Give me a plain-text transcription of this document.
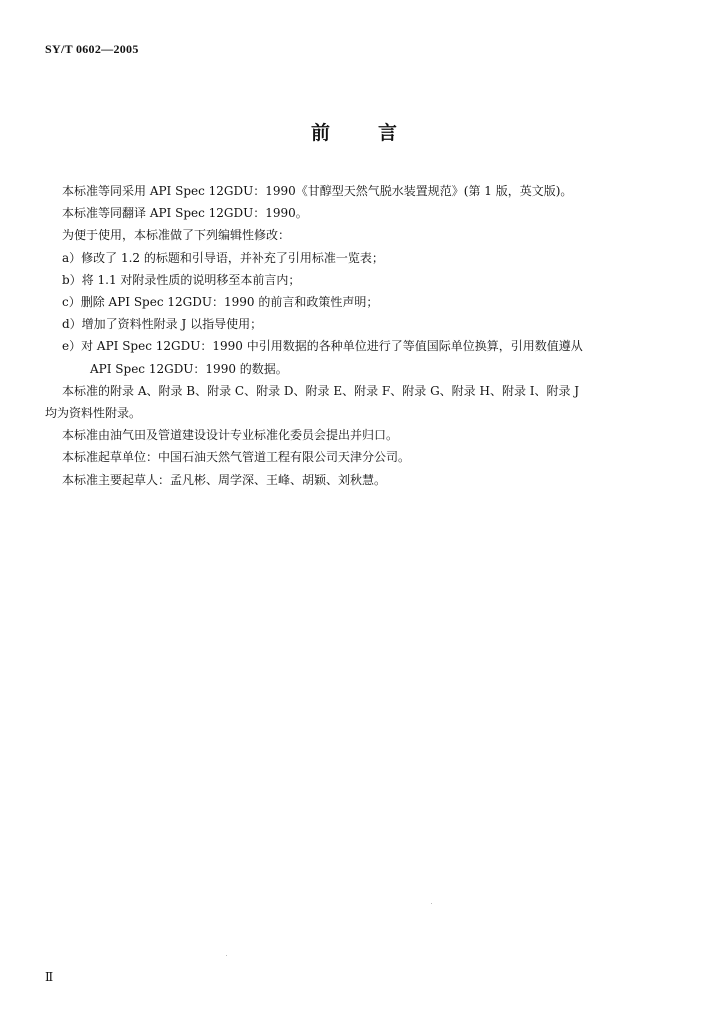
SY/T 0602—2005
前	言
本标准等同采用 API Spec 12GDU：1990《甘醇型天然气脱水装置规范》(第 1 版，英文版)。
本标准等同翻译 API Spec 12GDU：1990。
为便于使用，本标准做了下列编辑性修改：
a）修改了 1.2 的标题和引导语，并补充了引用标准一览表；
b）将 1.1 对附录性质的说明移至本前言内；
c）删除 API Spec 12GDU：1990 的前言和政策性声明；
d）增加了资料性附录 J 以指导使用；
e）对 API Spec 12GDU：1990 中引用数据的各种单位进行了等值国际单位换算，引用数值遵从
API Spec 12GDU：1990 的数据。
本标准的附录 A、附录 B、附录 C、附录 D、附录 E、附录 F、附录 G、附录 H、附录 I、附录 J
均为资料性附录。
本标准由油气田及管道建设设计专业标准化委员会提出并归口。
本标准起草单位：中国石油天然气管道工程有限公司天津分公司。
本标准主要起草人：孟凡彬、周学深、王峰、胡颖、刘秋慧。
Ⅱ
